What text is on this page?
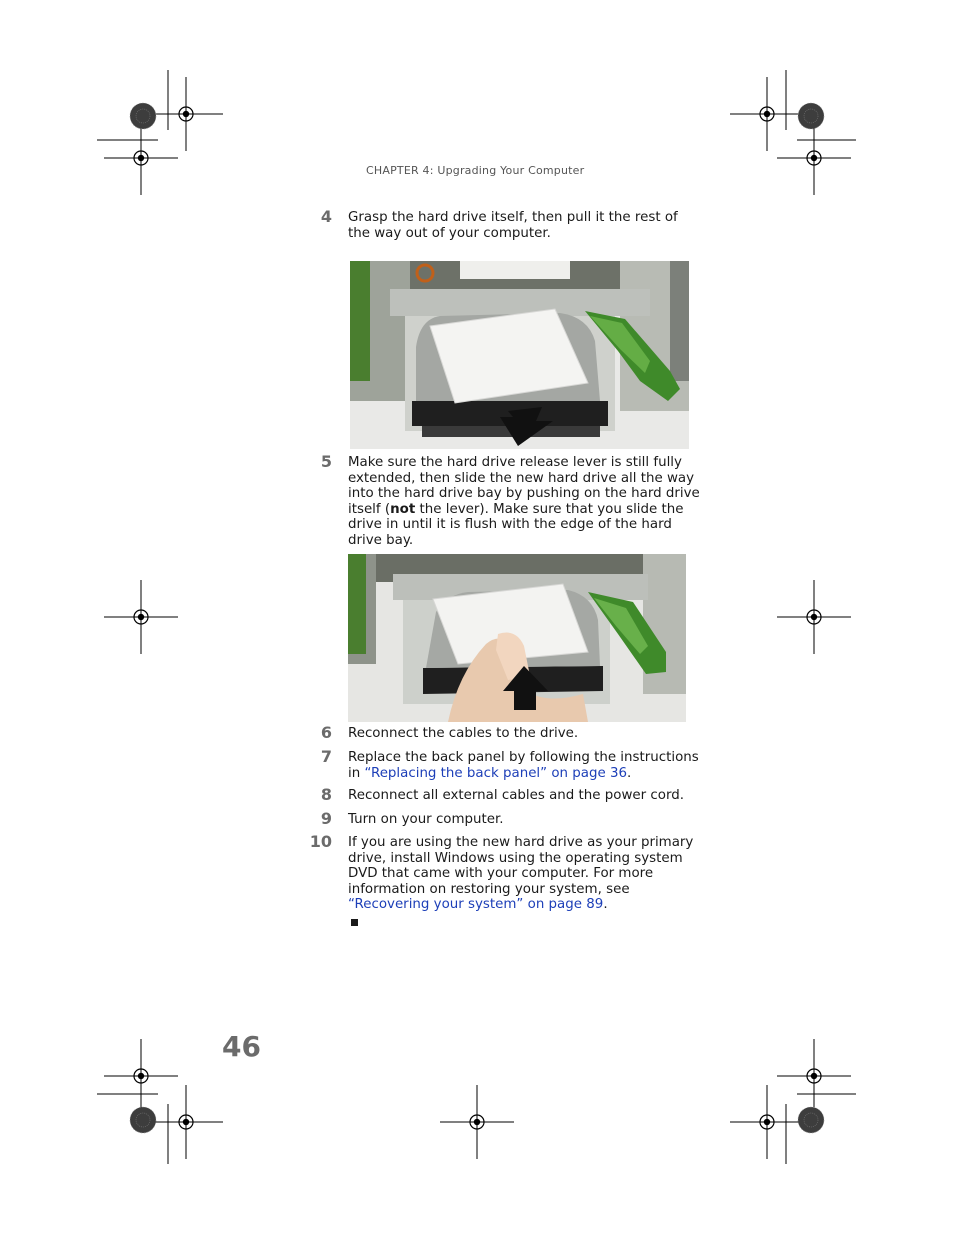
CHAPTER 4: Upgrading Your Computer
4 Grasp the hard drive itself, then pull it the rest of the way out of your computer.
5 Make sure the hard drive release lever is still fully extended, then slide the new hard drive all the way into the hard drive bay by pushing on the hard drive itself (not the lever). Make sure that you slide the drive in until it is flush with the edge of the hard drive bay.
6 Reconnect the cables to the drive.
7 Replace the back panel by following the instructions in “Replacing the back panel” on page 36.
8 Reconnect all external cables and the power cord.
9 Turn on your computer.
10 If you are using the new hard drive as your primary drive, install Windows using the operating system DVD that came with your computer. For more information on restoring your system, see “Recovering your system” on page 89.
46
